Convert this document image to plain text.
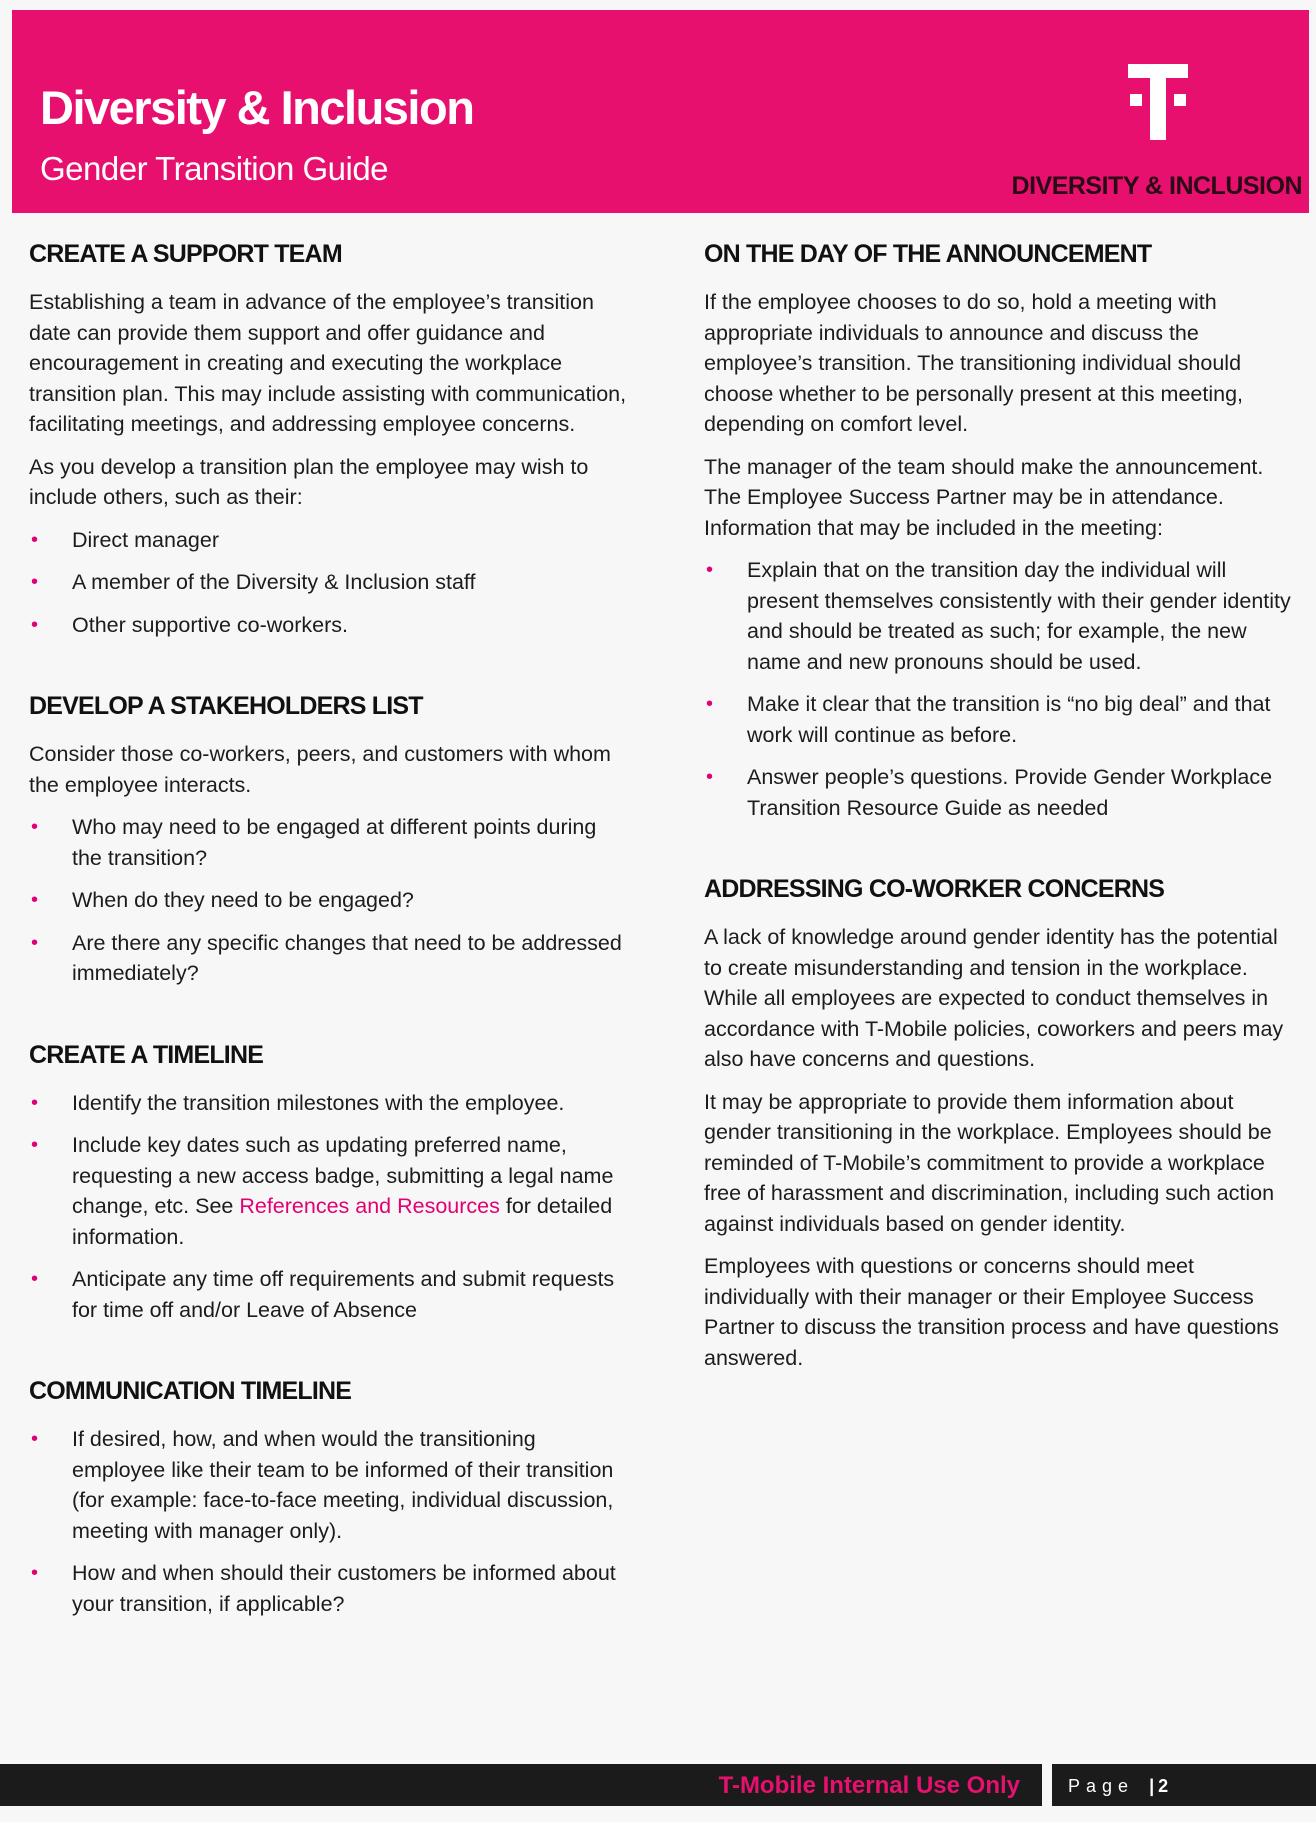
Diversity & Inclusion
Gender Transition Guide	DIVERSITY & INCLUSION
CREATE A SUPPORT TEAM

Establishing a team in advance of the employee’s transition date can provide them support and offer guidance and encouragement in creating and executing the workplace transition plan. This may include assisting with communication, facilitating meetings, and addressing employee concerns.

As you develop a transition plan the employee may wish to include others, such as their:

• Direct manager
• A member of the Diversity & Inclusion staff
• Other supportive co-workers.
DEVELOP A STAKEHOLDERS LIST

Consider those co-workers, peers, and customers with whom the employee interacts.

• Who may need to be engaged at different points during the transition?
• When do they need to be engaged?
• Are there any specific changes that need to be addressed immediately?
CREATE A TIMELINE
• Identify the transition milestones with the employee.
• Include key dates such as updating preferred name, requesting a new access badge, submitting a legal name change, etc. See References and Resources for detailed information.
• Anticipate any time off requirements and submit requests for time off and/or Leave of Absence
COMMUNICATION TIMELINE
• If desired, how, and when would the transitioning employee like their team to be informed of their transition (for example: face-to-face meeting, individual discussion, meeting with manager only).
• How and when should their customers be informed about your transition, if applicable?
ON THE DAY OF THE ANNOUNCEMENT

If the employee chooses to do so, hold a meeting with appropriate individuals to announce and discuss the employee’s transition. The transitioning individual should choose whether to be personally present at this meeting, depending on comfort level.

The manager of the team should make the announcement. The Employee Success Partner may be in attendance. Information that may be included in the meeting:

• Explain that on the transition day the individual will present themselves consistently with their gender identity and should be treated as such; for example, the new name and new pronouns should be used.
• Make it clear that the transition is “no big deal” and that work will continue as before.
• Answer people’s questions. Provide Gender Workplace Transition Resource Guide as needed
ADDRESSING CO-WORKER CONCERNS

A lack of knowledge around gender identity has the potential to create misunderstanding and tension in the workplace. While all employees are expected to conduct themselves in accordance with T-Mobile policies, coworkers and peers may also have concerns and questions.

It may be appropriate to provide them information about gender transitioning in the workplace. Employees should be reminded of T-Mobile’s commitment to provide a workplace free of harassment and discrimination, including such action against individuals based on gender identity.

Employees with questions or concerns should meet individually with their manager or their Employee Success Partner to discuss the transition process and have questions answered.

T-Mobile Internal Use Only	Page | 2
